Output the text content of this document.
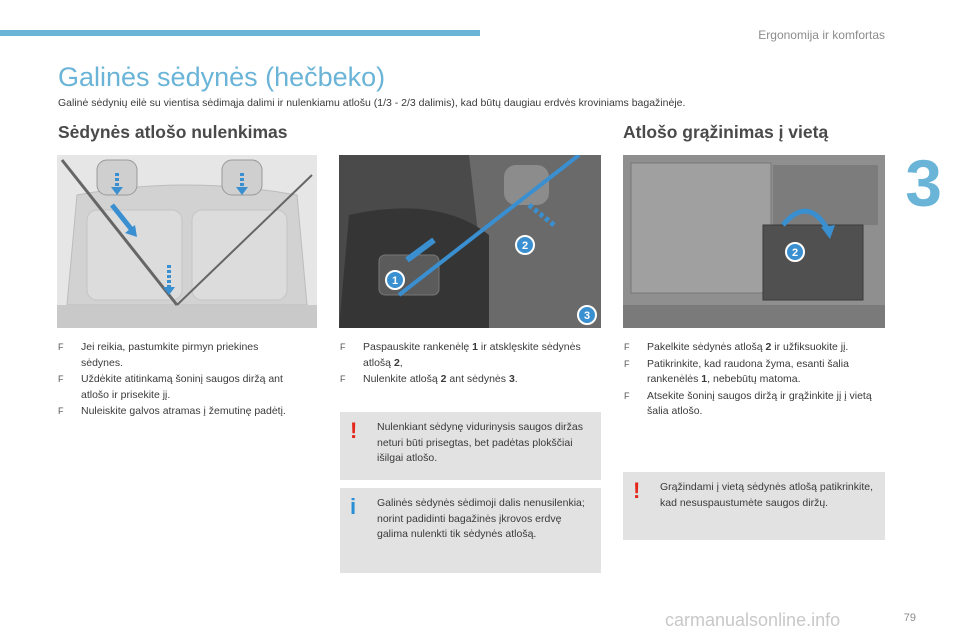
Ergonomija ir komfortas
3
Galinės sėdynės (hečbeko)
Galinė sėdynių eilė su vientisa sėdimąja dalimi ir nulenkiamu atlošu (1/3 - 2/3 dalimis), kad būtų daugiau erdvės kroviniams bagažinėje.
Sėdynės atlošo nulenkimas	Atlošo grąžinimas į vietą
1
2
3
2
F Jei reikia, pastumkite pirmyn priekines sėdynes.
F Uždėkite atitinkamą šoninį saugos diržą ant atlošo ir prisekite jį.
F Nuleiskite galvos atramas į žemutinę padėtį.
F Paspauskite rankenėlę 1 ir atsklęskite sėdynės atlošą 2,
F Nulenkite atlošą 2 ant sėdynės 3.
! Nulenkiant sėdynę vidurinysis saugos diržas neturi būti prisegtas, bet padėtas plokščiai išilgai atlošo.
i Galinės sėdynės sėdimoji dalis nenusilenkia; norint padidinti bagažinės įkrovos erdvę galima nulenkti tik sėdynės atlošą.
F Pakelkite sėdynės atlošą 2 ir užfiksuokite jį.
F Patikrinkite, kad raudona žyma, esanti šalia rankenėlės 1, nebebūtų matoma.
F Atsekite šoninį saugos diržą ir grąžinkite jį į vietą šalia atlošo.
! Grąžindami į vietą sėdynės atlošą patikrinkite, kad nesuspaustumėte saugos diržų.
carmanualsonline.info	79
